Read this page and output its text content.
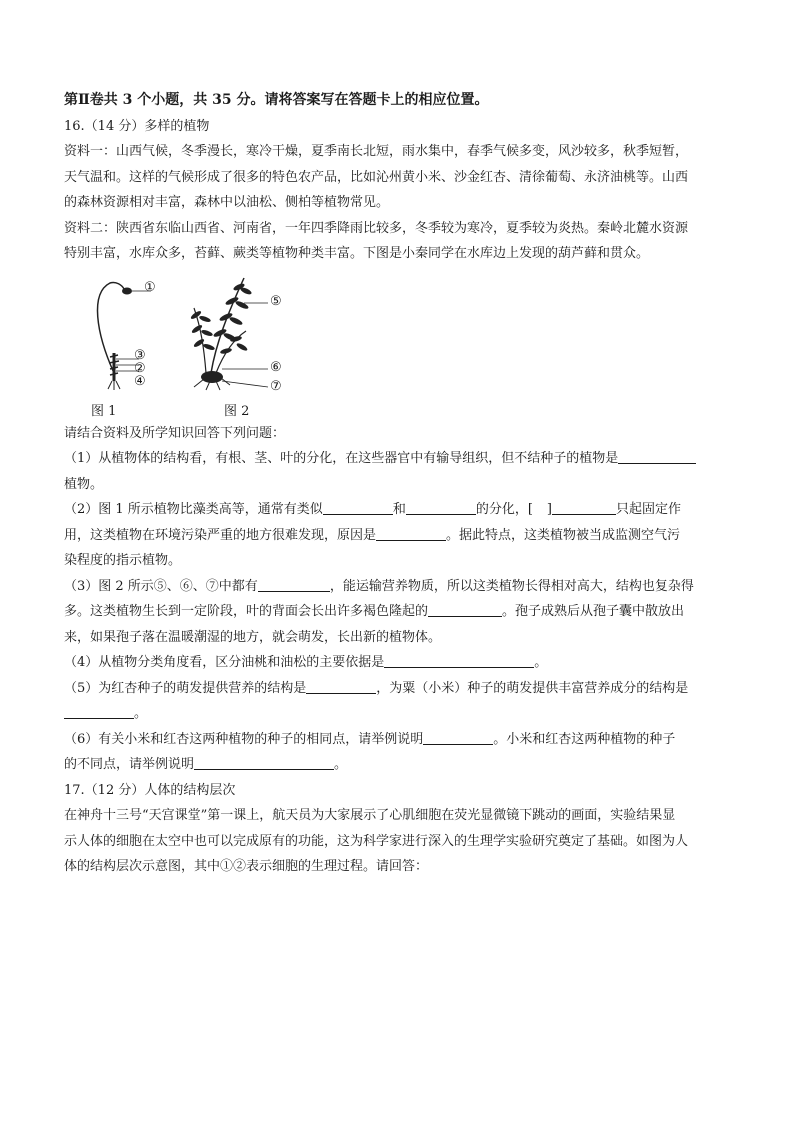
第Ⅱ卷共 3 个小题，共 35 分。请将答案写在答题卡上的相应位置。
16.（14 分）多样的植物
资料一：山西气候，冬季漫长，寒冷干燥，夏季南长北短，雨水集中，春季气候多变，风沙较多，秋季短暂，
天气温和。这样的气候形成了很多的特色农产品，比如沁州黄小米、沙金红杏、清徐葡萄、永济油桃等。山西
的森林资源相对丰富，森林中以油松、侧柏等植物常见。
资料二：陕西省东临山西省、河南省，一年四季降雨比较多，冬季较为寒冷，夏季较为炎热。秦岭北麓水资源
特别丰富，水库众多，苔藓、蕨类等植物种类丰富。下图是小秦同学在水库边上发现的葫芦藓和贯众。
①
②
③
④
⑤
⑥
⑦
图 1	图 2
请结合资料及所学知识回答下列问题：
（1）从植物体的结构看，有根、茎、叶的分化，在这些器官中有输导组织，但不结种子的植物是
植物。
（2）图 1 所示植物比藻类高等，通常有类似	和	的分化，[ ]	只起固定作
用，这类植物在环境污染严重的地方很难发现，原因是	。据此特点，这类植物被当成监测空气污
染程度的指示植物。
（3）图 2 所示⑤、⑥、⑦中都有	，能运输营养物质，所以这类植物长得相对高大，结构也复杂得
多。这类植物生长到一定阶段，叶的背面会长出许多褐色隆起的	。孢子成熟后从孢子囊中散放出
来，如果孢子落在温暖潮湿的地方，就会萌发，长出新的植物体。
（4）从植物分类角度看，区分油桃和油松的主要依据是	。
（5）为红杏种子的萌发提供营养的结构是	，为粟（小米）种子的萌发提供丰富营养成分的结构是
。
（6）有关小米和红杏这两种植物的种子的相同点，请举例说明	。小米和红杏这两种植物的种子
的不同点，请举例说明	。
17.（12 分）人体的结构层次
在神舟十三号“天宫课堂”第一课上，航天员为大家展示了心肌细胞在荧光显微镜下跳动的画面，实验结果显
示人体的细胞在太空中也可以完成原有的功能，这为科学家进行深入的生理学实验研究奠定了基础。如图为人
体的结构层次示意图，其中①②表示细胞的生理过程。请回答：
